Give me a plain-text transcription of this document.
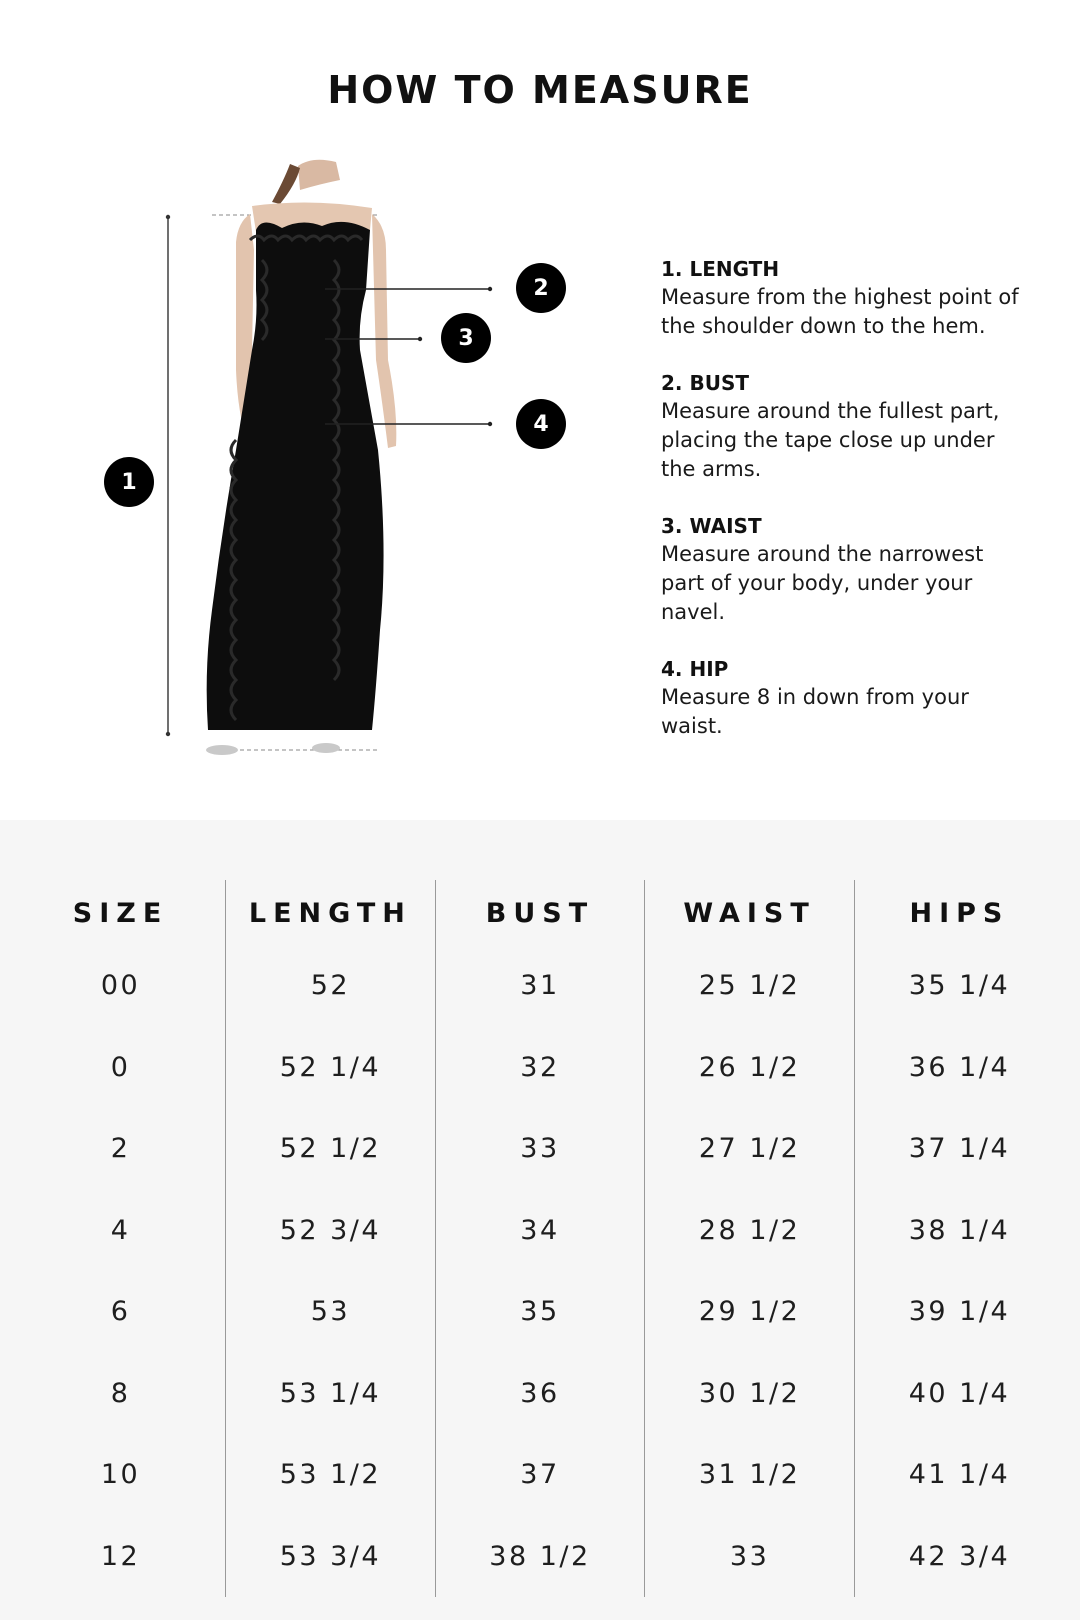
HOW TO MEASURE
1
2
3
4
1. LENGTH
Measure from the highest point of the shoulder down to the hem.
2. BUST
Measure around the fullest part, placing the tape close up under the arms.
3. WAIST
Measure around the narrowest part of your body, under your navel.
4. HIP
Measure 8 in down from your waist.
SIZE	LENGTH	BUST	WAIST	HIPS
00	52	31	25 1/2	35 1/4
0	52 1/4	32	26 1/2	36 1/4
2	52 1/2	33	27 1/2	37 1/4
4	52 3/4	34	28 1/2	38 1/4
6	53	35	29 1/2	39 1/4
8	53 1/4	36	30 1/2	40 1/4
10	53 1/2	37	31 1/2	41 1/4
12	53 3/4	38 1/2	33	42 3/4
